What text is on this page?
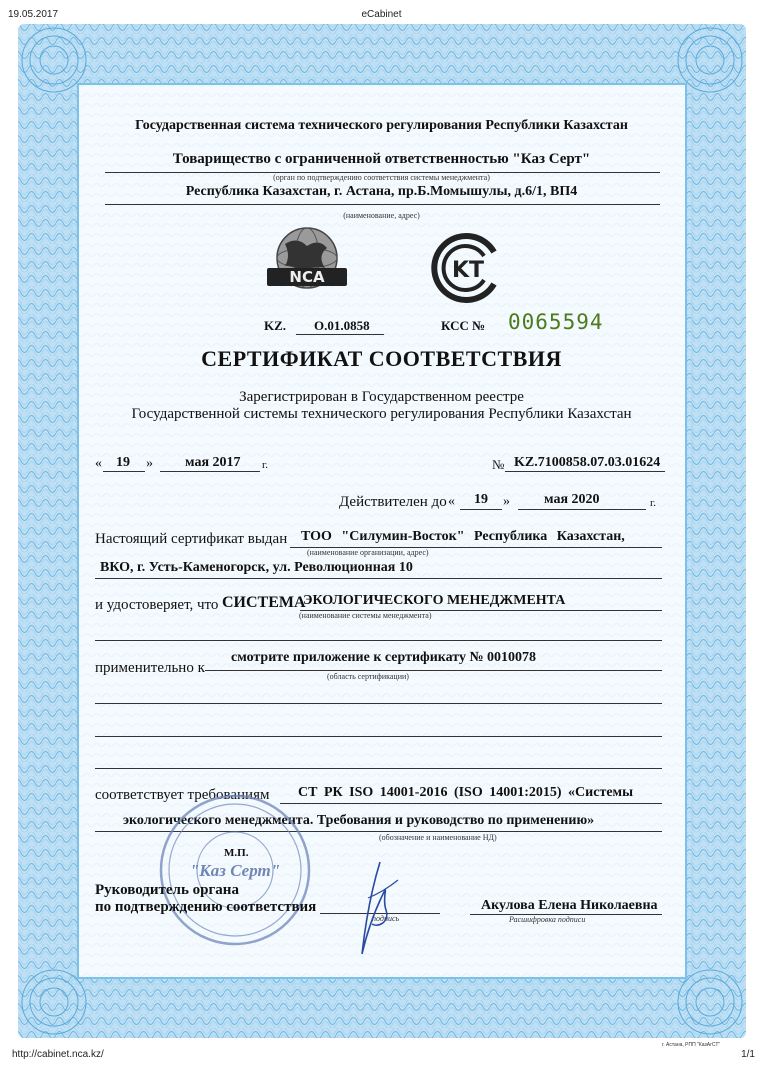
19.05.2017	eCabinet
Государственная система технического регулирования Республики Казахстан
Товарищество с ограниченной ответственностью "Каз Серт"
(орган по подтверждению соответствия системы менеджмента)
Республика Казахстан, г. Астана, пр.Б.Момышулы, д.6/1, ВП4
(наименование, адрес)
NCA	KT
KZ. О.01.0858	КСС № 0065594
СЕРТИФИКАТ СООТВЕТСТВИЯ
Зарегистрирован в Государственном реестре
Государственной системы технического регулирования Республики Казахстан
« 19 » мая 2017 г.	№ KZ.7100858.07.03.01624
Действителен до « 19 » мая 2020	г.
Настоящий сертификат выдан ТОО "Силумин-Восток" Республика Казахстан,
(наименование организации, адрес)
ВКО, г. Усть-Каменогорск, ул. Революционная 10
и удостоверяет, что СИСТЕМА
ЭКОЛОГИЧЕСКОГО МЕНЕДЖМЕНТА
(наименование системы менеджмента)
применительно к
смотрите приложение к сертификату № 0010078
(область сертификации)
соответствует требованиям СТ РК ISO 14001-2016 (ISO 14001:2015) «Системы
экологического менеджмента. Требования и руководство по применению»
(обозначение и наименование НД)
"Каз Серт"
М.П.
Руководитель органа
по подтверждению соответствия
подпись
Акулова Елена Николаевна
Расшифровка подписи
г. Астана, РПП "КазАгСТ"
http://cabinet.nca.kz/	1/1
